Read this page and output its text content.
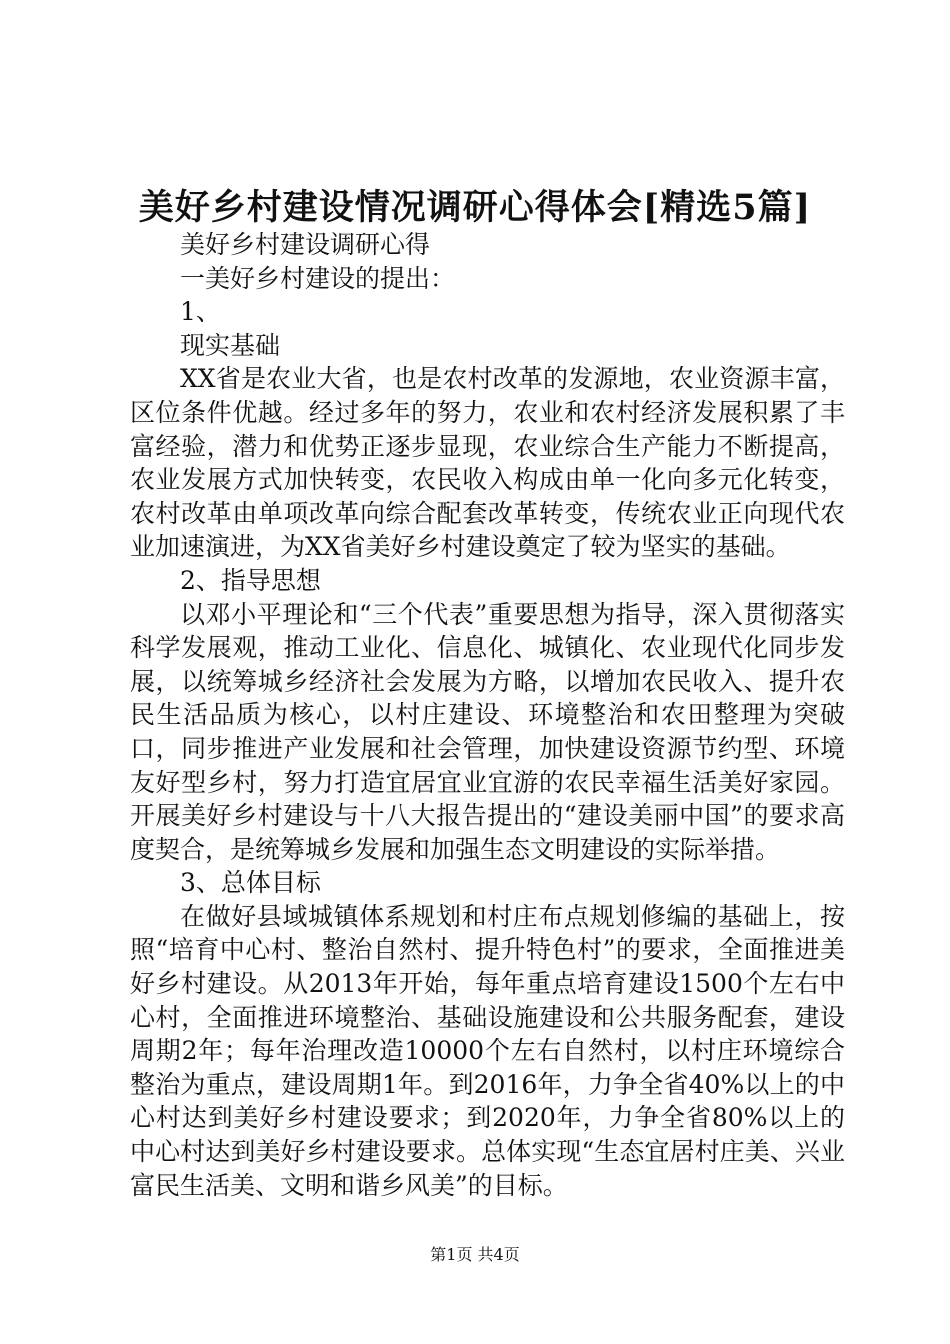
美好乡村建设情况调研心得体会[精选5篇]

美好乡村建设调研心得

一美好乡村建设的提出：

1、

现实基础

XX省是农业大省，也是农村改革的发源地，农业资源丰富，区位条件优越。经过多年的努力，农业和农村经济发展积累了丰富经验，潜力和优势正逐步显现，农业综合生产能力不断提高，农业发展方式加快转变，农民收入构成由单一化向多元化转变，农村改革由单项改革向综合配套改革转变，传统农业正向现代农业加速演进，为XX省美好乡村建设奠定了较为坚实的基础。

2、指导思想

以邓小平理论和“三个代表”重要思想为指导，深入贯彻落实科学发展观，推动工业化、信息化、城镇化、农业现代化同步发展，以统筹城乡经济社会发展为方略，以增加农民收入、提升农民生活品质为核心，以村庄建设、环境整治和农田整理为突破口，同步推进产业发展和社会管理，加快建设资源节约型、环境友好型乡村，努力打造宜居宜业宜游的农民幸福生活美好家园。开展美好乡村建设与十八大报告提出的“建设美丽中国”的要求高度契合，是统筹城乡发展和加强生态文明建设的实际举措。

3、总体目标

在做好县域城镇体系规划和村庄布点规划修编的基础上，按照“培育中心村、整治自然村、提升特色村”的要求，全面推进美好乡村建设。从2013年开始，每年重点培育建设1500个左右中心村，全面推进环境整治、基础设施建设和公共服务配套，建设周期2年；每年治理改造10000个左右自然村，以村庄环境综合整治为重点，建设周期1年。到2016年，力争全省40%以上的中心村达到美好乡村建设要求；到2020年，力争全省80%以上的中心村达到美好乡村建设要求。总体实现“生态宜居村庄美、兴业富民生活美、文明和谐乡风美”的目标。

第1页 共4页
